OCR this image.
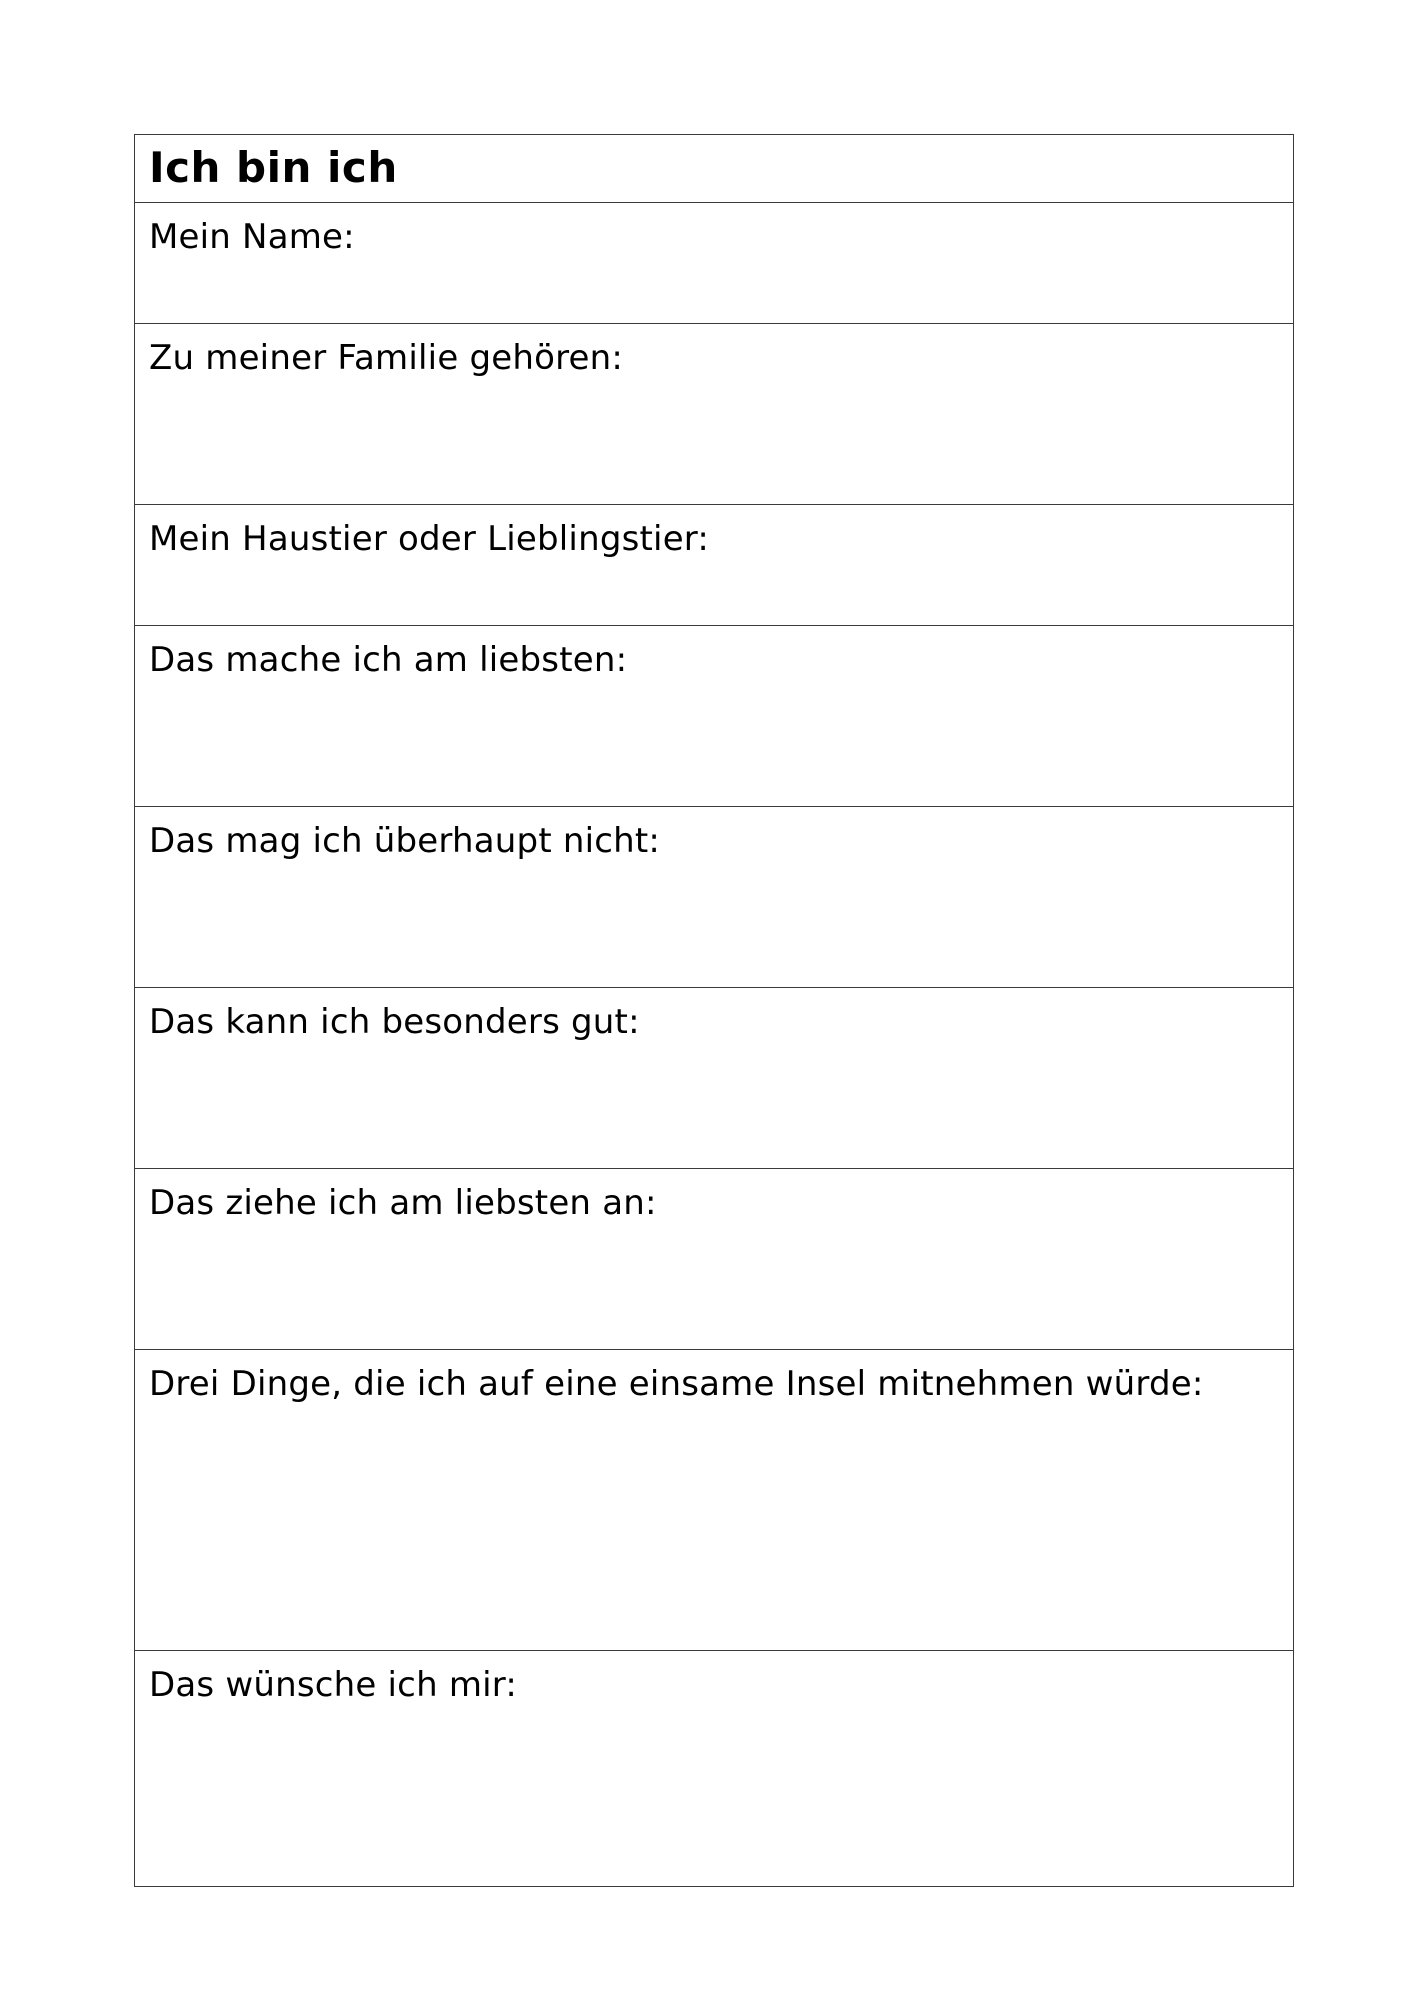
Ich bin ich
Mein Name:
Zu meiner Familie gehören:
Mein Haustier oder Lieblingstier:
Das mache ich am liebsten:
Das mag ich überhaupt nicht:
Das kann ich besonders gut:
Das ziehe ich am liebsten an:
Drei Dinge, die ich auf eine einsame Insel mitnehmen würde:
Das wünsche ich mir:
